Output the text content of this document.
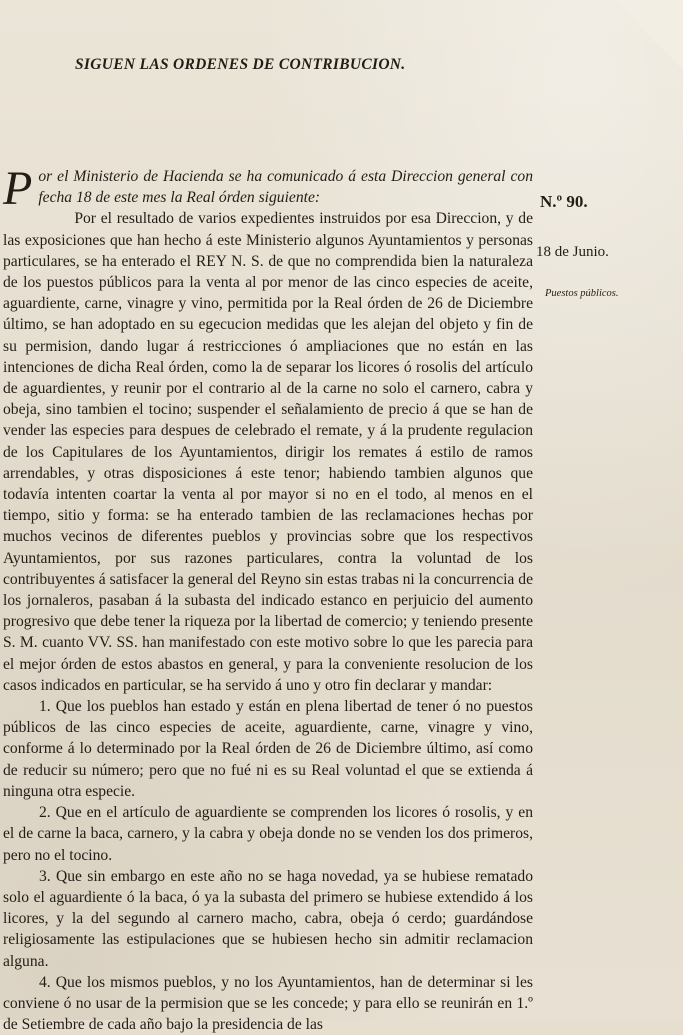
SIGUEN LAS ORDENES DE CONTRIBUCION.
N.º 90.
18 de Junio.
Puestos públicos.

Por el Ministerio de Hacienda se ha comunicado á esta Direccion general con fecha 18 de este mes la Real órden siguiente:

Por el resultado de varios expedientes instruidos por esa Direccion, y de las exposiciones que han hecho á este Ministerio algunos Ayuntamientos y personas particulares, se ha enterado el REY N. S. de que no comprendida bien la naturaleza de los puestos públicos para la venta al por menor de las cinco especies de aceite, aguardiente, carne, vinagre y vino, permitida por la Real órden de 26 de Diciembre último, se han adoptado en su egecucion medidas que les alejan del objeto y fin de su permision, dando lugar á restricciones ó ampliaciones que no están en las intenciones de dicha Real órden, como la de separar los licores ó rosolis del artículo de aguardientes, y reunir por el contrario al de la carne no solo el carnero, cabra y obeja, sino tambien el tocino; suspender el señalamiento de precio á que se han de vender las especies para despues de celebrado el remate, y á la prudente regulacion de los Capitulares de los Ayuntamientos, dirigir los remates á estilo de ramos arrendables, y otras disposiciones á este tenor; habiendo tambien algunos que todavía intenten coartar la venta al por mayor si no en el todo, al menos en el tiempo, sitio y forma: se ha enterado tambien de las reclamaciones hechas por muchos vecinos de diferentes pueblos y provincias sobre que los respectivos Ayuntamientos, por sus razones particulares, contra la voluntad de los contribuyentes á satisfacer la general del Reyno sin estas trabas ni la concurrencia de los jornaleros, pasaban á la subasta del indicado estanco en perjuicio del aumento progresivo que debe tener la riqueza por la libertad de comercio; y teniendo presente S. M. cuanto VV. SS. han manifestado con este motivo sobre lo que les parecia para el mejor órden de estos abastos en general, y para la conveniente resolucion de los casos indicados en particular, se ha servido á uno y otro fin declarar y mandar:

1. Que los pueblos han estado y están en plena libertad de tener ó no puestos públicos de las cinco especies de aceite, aguardiente, carne, vinagre y vino, conforme á lo determinado por la Real órden de 26 de Diciembre último, así como de reducir su número; pero que no fué ni es su Real voluntad el que se extienda á ninguna otra especie.

2. Que en el artículo de aguardiente se comprenden los licores ó rosolis, y en el de carne la baca, carnero, y la cabra y obeja donde no se venden los dos primeros, pero no el tocino.

3. Que sin embargo en este año no se haga novedad, ya se hubiese rematado solo el aguardiente ó la baca, ó ya la subasta del primero se hubiese extendido á los licores, y la del segundo al carnero macho, cabra, obeja ó cerdo; guardándose religiosamente las estipulaciones que se hubiesen hecho sin admitir reclamacion alguna.

4. Que los mismos pueblos, y no los Ayuntamientos, han de determinar si les conviene ó no usar de la permision que se les concede; y para ello se reunirán en 1.º de Setiembre de cada año bajo la presidencia de las
